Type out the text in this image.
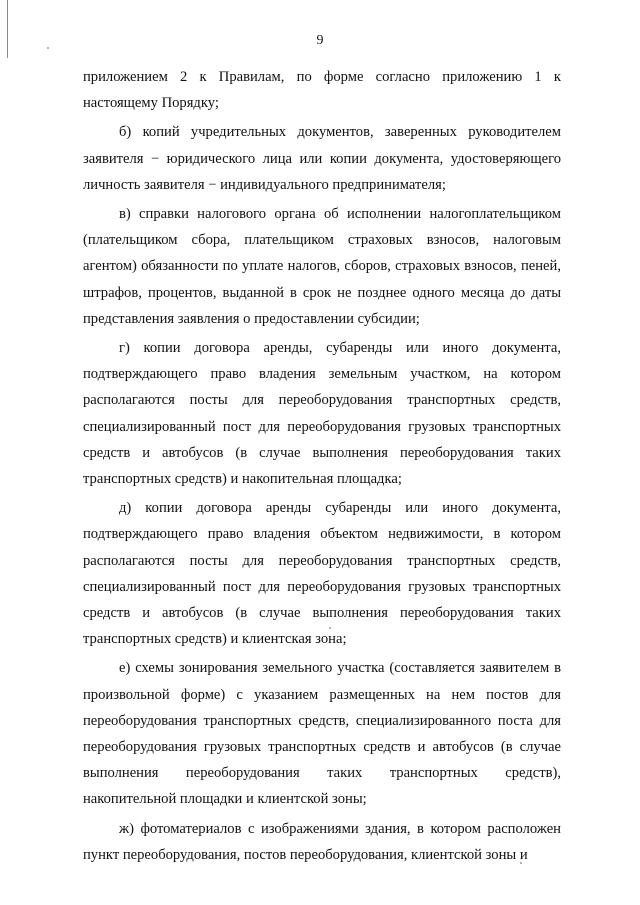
9

приложением 2 к Правилам, по форме согласно приложению 1 к настоящему Порядку;

б) копий учредительных документов, заверенных руководителем заявителя − юридического лица или копии документа, удостоверяющего личность заявителя − индивидуального предпринимателя;

в) справки налогового органа об исполнении налогоплательщиком (плательщиком сбора, плательщиком страховых взносов, налоговым агентом) обязанности по уплате налогов, сборов, страховых взносов, пеней, штрафов, процентов, выданной в срок не позднее одного месяца до даты представления заявления о предоставлении субсидии;

г) копии договора аренды, субаренды или иного документа, подтверждающего право владения земельным участком, на котором располагаются посты для переоборудования транспортных средств, специализированный пост для переоборудования грузовых транспортных средств и автобусов (в случае выполнения переоборудования таких транспортных средств) и накопительная площадка;

д) копии договора аренды субаренды или иного документа, подтверждающего право владения объектом недвижимости, в котором располагаются посты для переоборудования транспортных средств, специализированный пост для переоборудования грузовых транспортных средств и автобусов (в случае выполнения переоборудования таких транспортных средств) и клиентская зона;

е) схемы зонирования земельного участка (составляется заявителем в произвольной форме) с указанием размещенных на нем постов для переоборудования транспортных средств, специализированного поста для переоборудования грузовых транспортных средств и автобусов (в случае выполнения переоборудования таких транспортных средств), накопительной площадки и клиентской зоны;

ж) фотоматериалов с изображениями здания, в котором расположен пункт переоборудования, постов переоборудования, клиентской зоны и
